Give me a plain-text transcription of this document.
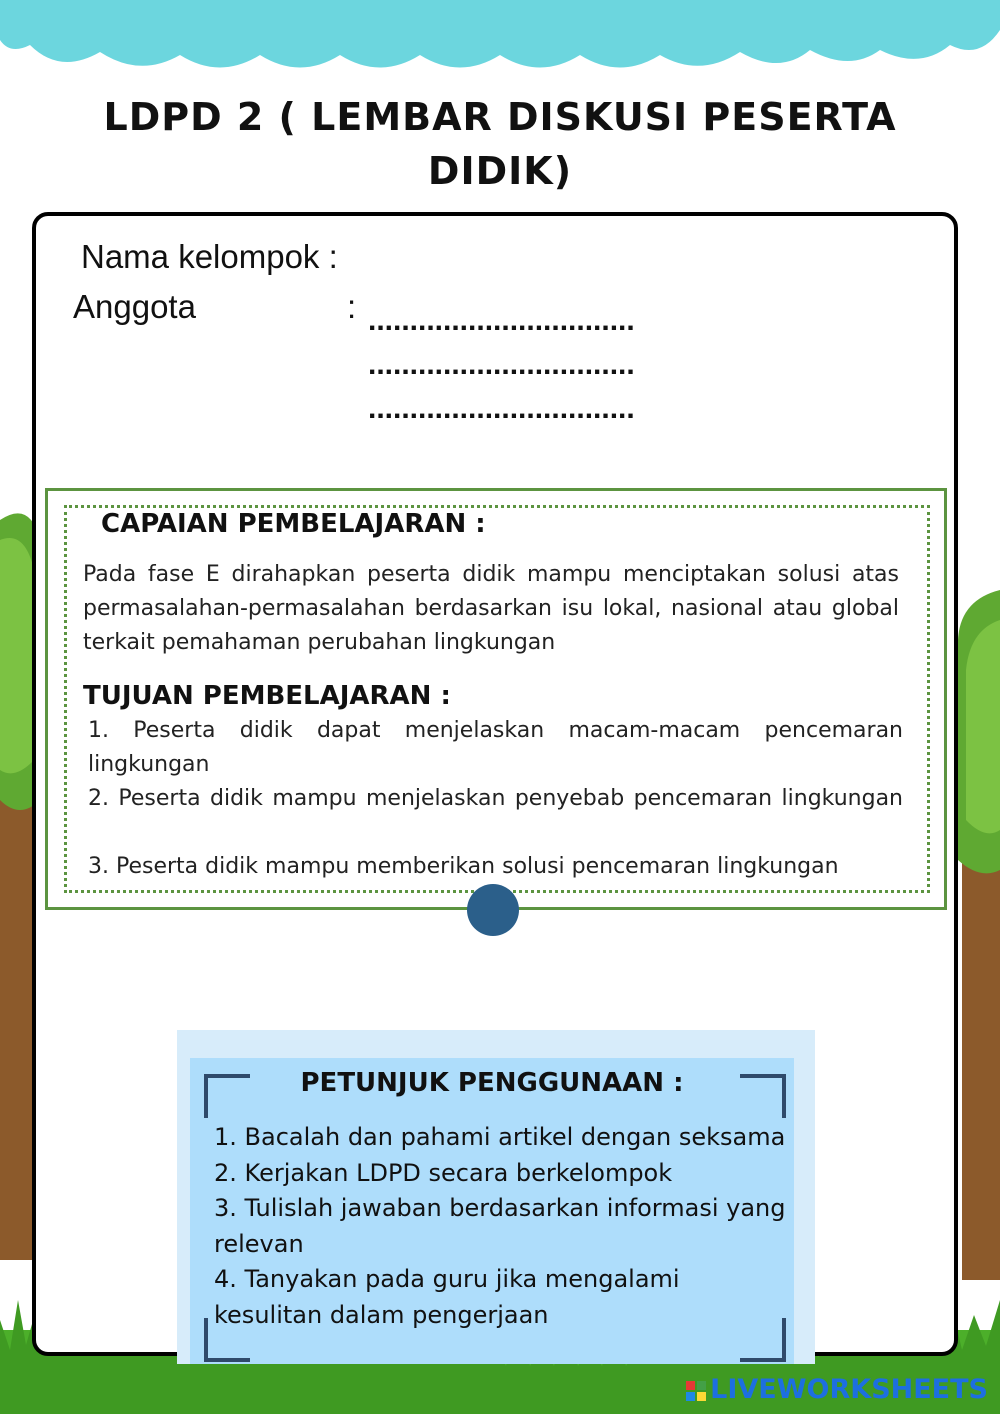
LDPD 2 ( LEMBAR DISKUSI PESERTA DIDIK)
Nama kelompok :
Anggota	: ................................
................................
................................
CAPAIAN PEMBELAJARAN :
Pada fase E dirahapkan peserta didik mampu menciptakan solusi atas permasalahan-permasalahan berdasarkan isu lokal, nasional atau global terkait pemahaman perubahan lingkungan
TUJUAN PEMBELAJARAN :
1. Peserta didik dapat menjelaskan macam-macam pencemaran lingkungan
2. Peserta didik mampu menjelaskan penyebab pencemaran lingkungan
3. Peserta didik mampu memberikan solusi pencemaran lingkungan
PETUNJUK PENGGUNAAN :
1. Bacalah dan pahami artikel dengan seksama
2. Kerjakan LDPD secara berkelompok
3. Tulislah jawaban berdasarkan informasi yang relevan
4. Tanyakan pada guru jika mengalami kesulitan dalam pengerjaan
LIVEWORKSHEETS
